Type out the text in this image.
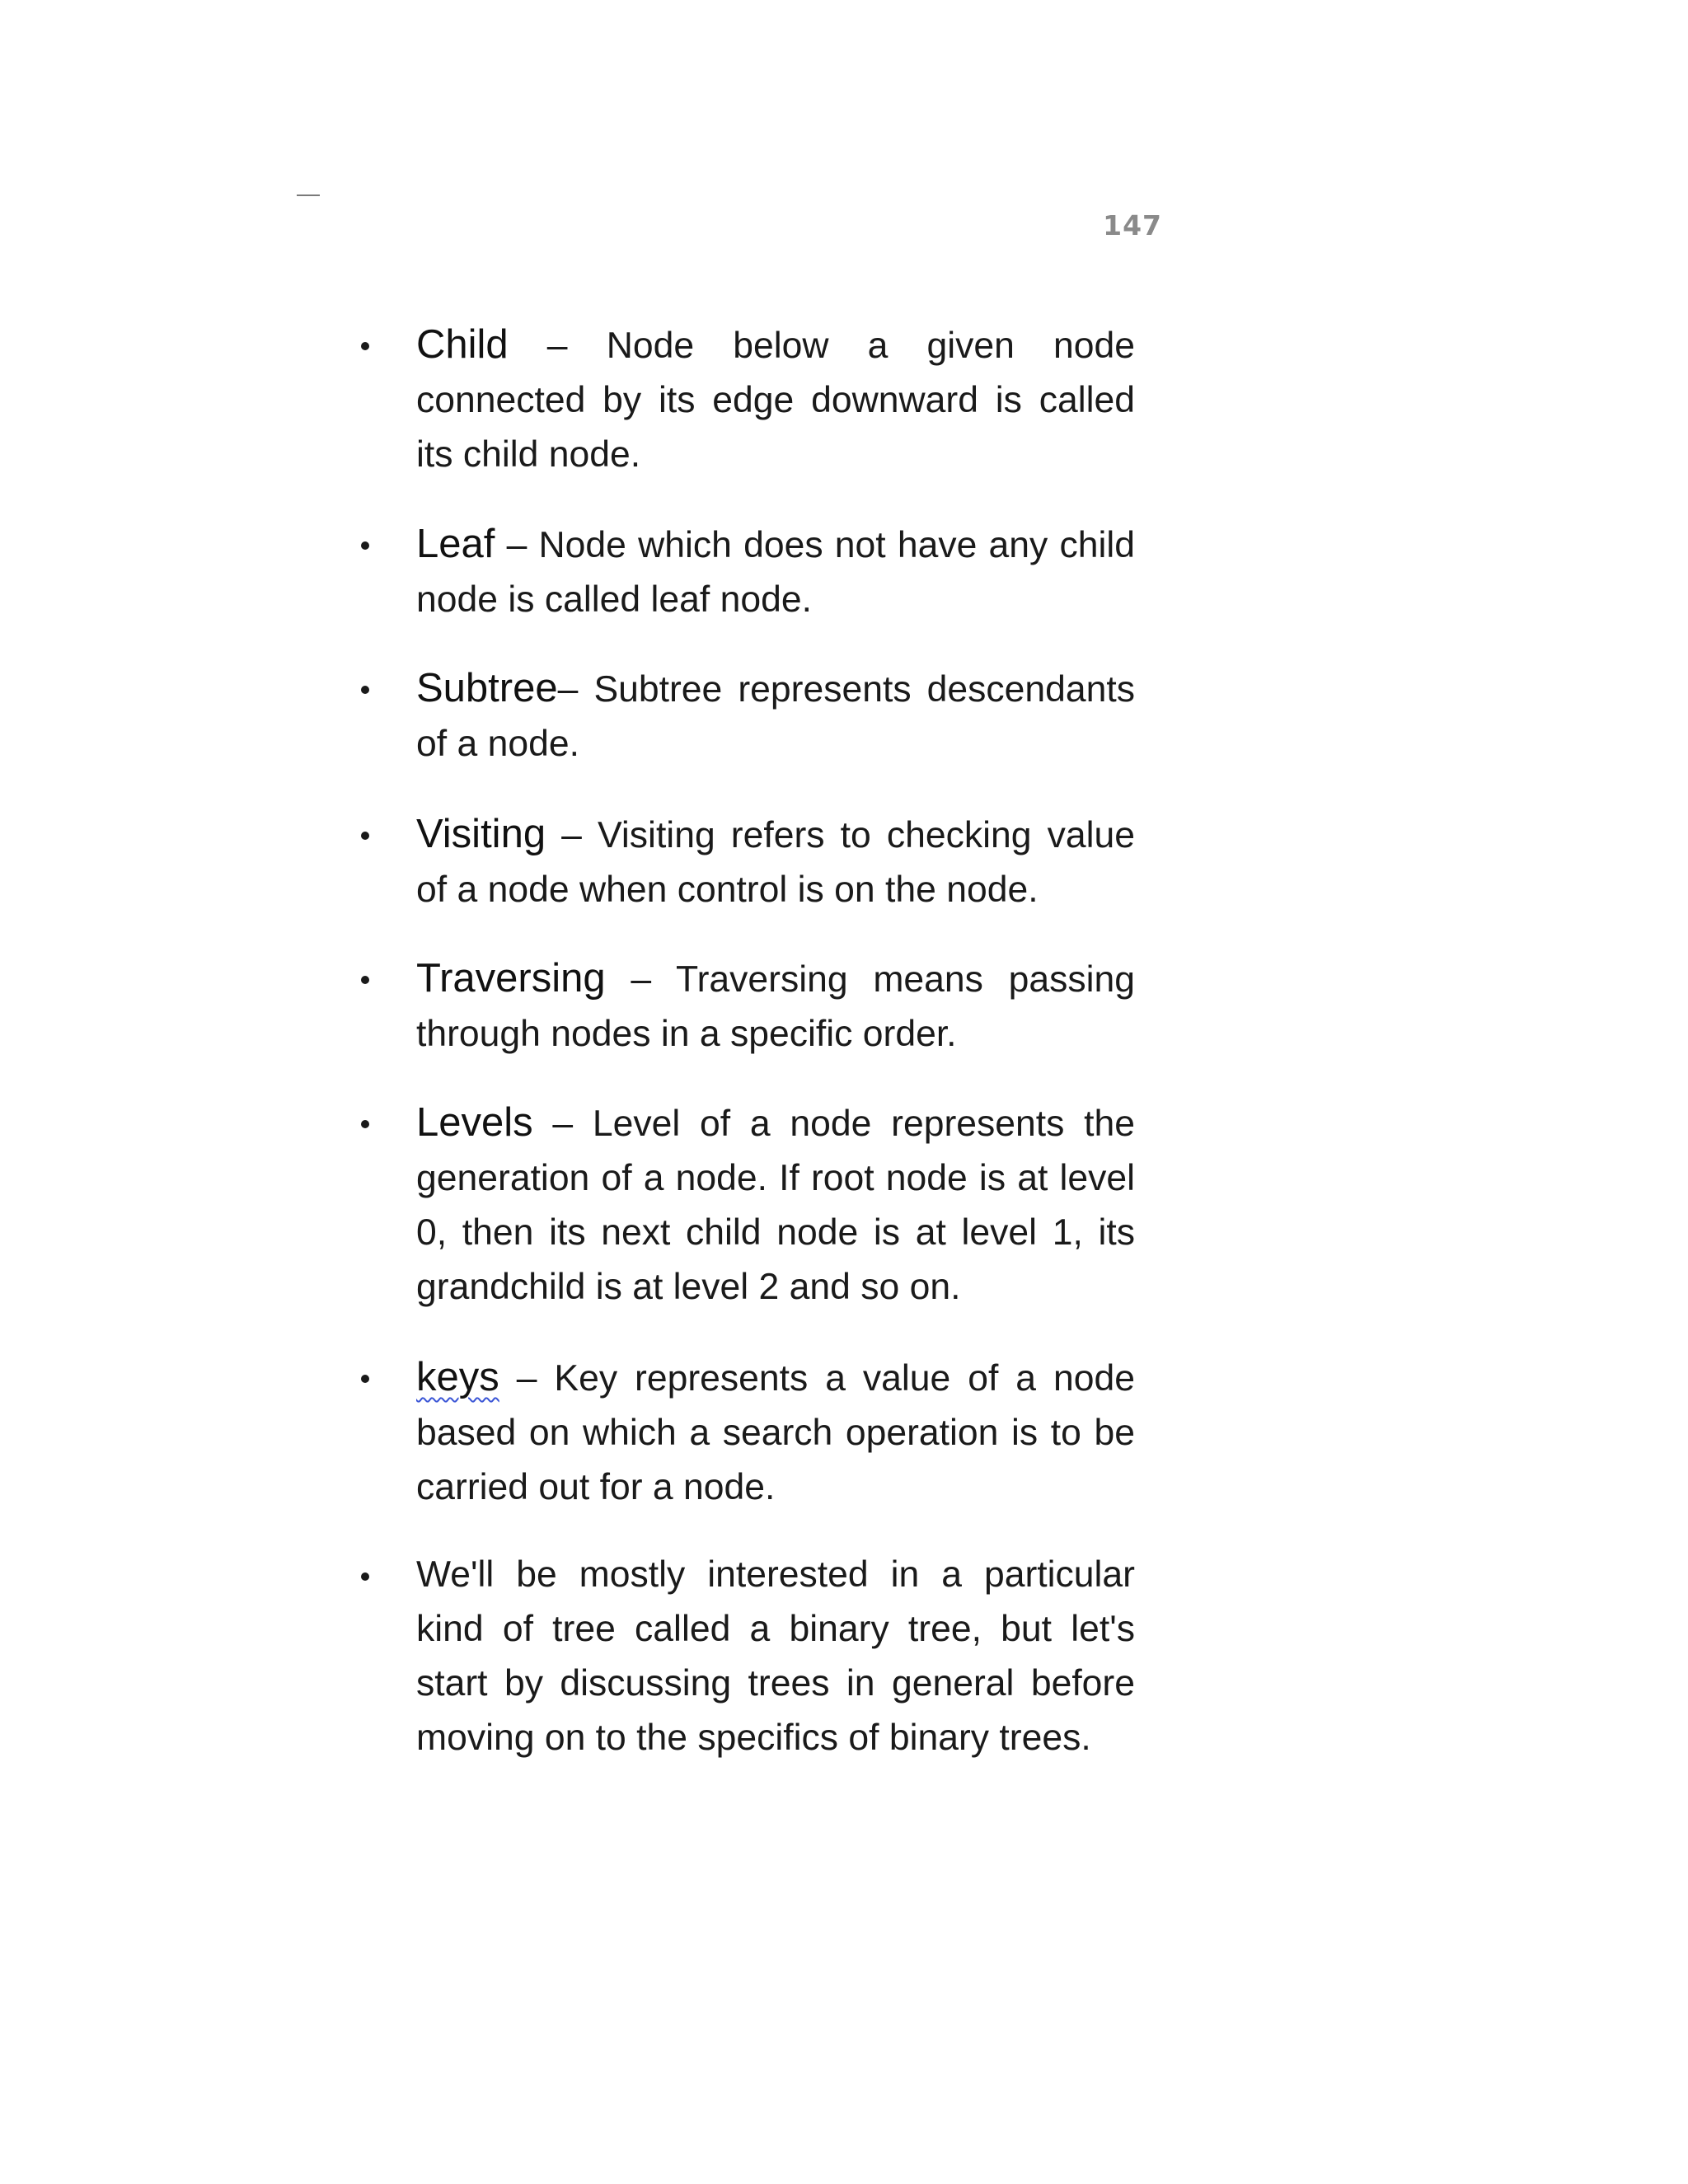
147

Child – Node below a given node connected by its edge downward is called its child node.

Leaf – Node which does not have any child node is called leaf node.

Subtree– Subtree represents descendants of a node.

Visiting – Visiting refers to checking value of a node when control is on the node.

Traversing – Traversing means passing through nodes in a specific order.

Levels – Level of a node represents the generation of a node. If root node is at level 0, then its next child node is at level 1, its grandchild is at level 2 and so on.

keys – Key represents a value of a node based on which a search operation is to be carried out for a node.

We'll be mostly interested in a particular kind of tree called a binary tree, but let's start by discussing trees in general before moving on to the specifics of binary trees.
